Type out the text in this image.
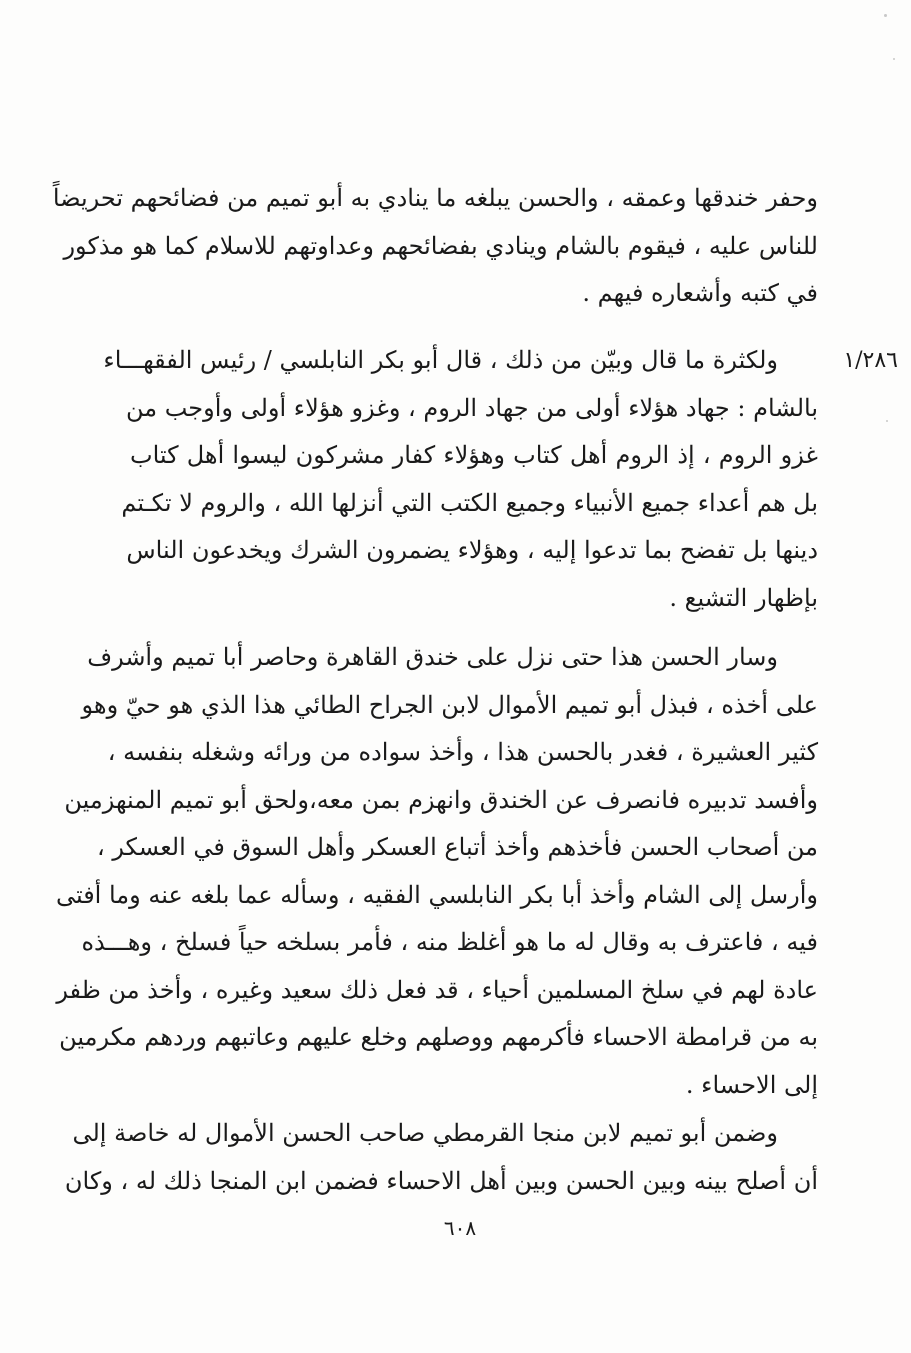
وحفر خندقها وعمقه ، والحسن يبلغه ما ينادي به أبو تميم من فضائحهم تحريضاً
للناس عليه ، فيقوم بالشام وينادي بفضائحهم وعداوتهم للاسلام كما هو مذكور
في كتبه وأشعاره فيهم .
١/٢٨٦
ولكثرة ما قال وبيّن من ذلك ، قال أبو بكر النابلسي / رئيس الفقهـــاء
بالشام : جهاد هؤلاء أولى من جهاد الروم ، وغزو هؤلاء أولى وأوجب من
غزو الروم ، إذ الروم أهل كتاب وهؤلاء كفار مشركون ليسوا أهل كتاب
بل هم أعداء جميع الأنبياء وجميع الكتب التي أنزلها الله ، والروم لا تكـتم
دينها بل تفضح بما تدعوا إليه ، وهؤلاء يضمرون الشرك ويخدعون الناس
بإظهار التشيع .
وسار الحسن هذا حتى نزل على خندق القاهرة وحاصر أبا تميم وأشرف
على أخذه ، فبذل أبو تميم الأموال لابن الجراح الطائي هذا الذي هو حيّ وهو
كثير العشيرة ، فغدر بالحسن هذا ، وأخذ سواده من ورائه وشغله بنفسه ،
وأفسد تدبيره فانصرف عن الخندق وانهزم بمن معه،ولحق أبو تميم المنهزمين
من أصحاب الحسن فأخذهم وأخذ أتباع العسكر وأهل السوق في العسكر ،
وأرسل إلى الشام وأخذ أبا بكر النابلسي الفقيه ، وسأله عما بلغه عنه وما أفتى
فيه ، فاعترف به وقال له ما هو أغلظ منه ، فأمر بسلخه حياً فسلخ ، وهـــذه
عادة لهم في سلخ المسلمين أحياء ، قد فعل ذلك سعيد وغيره ، وأخذ من ظفر
به من قرامطة الاحساء فأكرمهم ووصلهم وخلع عليهم وعاتبهم وردهم مكرمين
إلى الاحساء .
وضمن أبو تميم لابن منجا القرمطي صاحب الحسن الأموال له خاصة إلى
أن أصلح بينه وبين الحسن وبين أهل الاحساء فضمن ابن المنجا ذلك له ، وكان
٦٠٨
